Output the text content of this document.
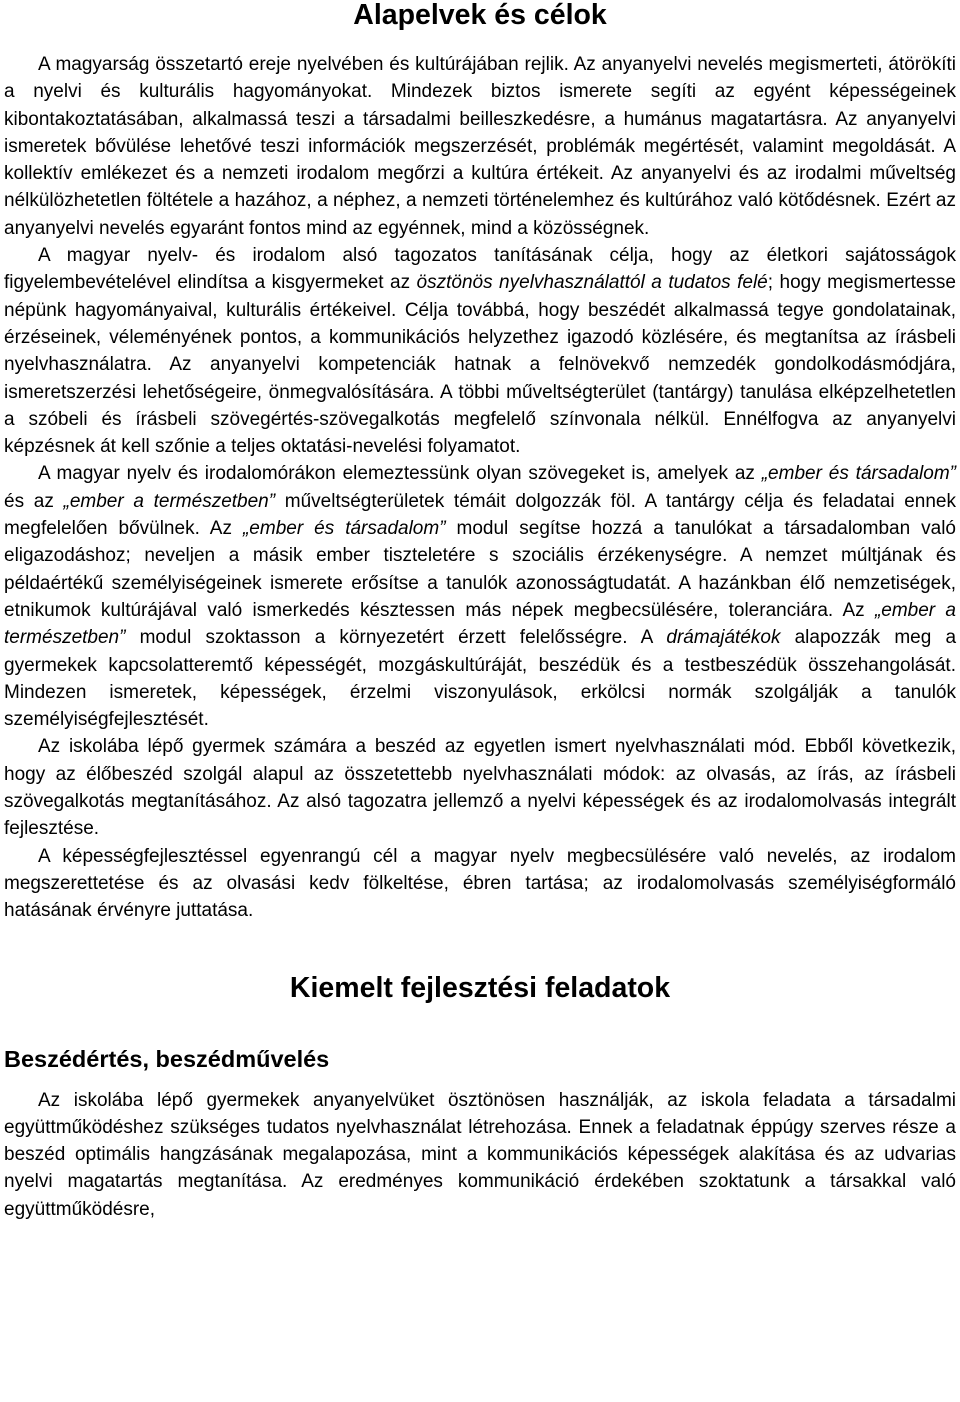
Alapelvek és célok

A magyarság összetartó ereje nyelvében és kultúrájában rejlik. Az anyanyelvi nevelés megismerteti, átörökíti a nyelvi és kulturális hagyományokat. Mindezek biztos ismerete segíti az egyént képességeinek kibontakoztatásában, alkalmassá teszi a társadalmi beilleszkedésre, a humánus magatartásra. Az anyanyelvi ismeretek bővülése lehetővé teszi információk megszerzését, problémák megértését, valamint megoldását. A kollektív emlékezet és a nemzeti irodalom megőrzi a kultúra értékeit. Az anyanyelvi és az irodalmi műveltség nélkülözhetetlen föltétele a hazához, a néphez, a nemzeti történelemhez és kultúrához való kötődésnek. Ezért az anyanyelvi nevelés egyaránt fontos mind az egyénnek, mind a közösségnek.

A magyar nyelv- és irodalom alsó tagozatos tanításának célja, hogy az életkori sajátosságok figyelembevételével elindítsa a kisgyermeket az ösztönös nyelvhasználattól a tudatos felé; hogy megismertesse népünk hagyományaival, kulturális értékeivel. Célja továbbá, hogy beszédét alkalmassá tegye gondolatainak, érzéseinek, véleményének pontos, a kommunikációs helyzethez igazodó közlésére, és megtanítsa az írásbeli nyelvhasználatra. Az anyanyelvi kompetenciák hatnak a felnövekvő nemzedék gondolkodásmódjára, ismeretszerzési lehetőségeire, önmegvalósítására. A többi műveltségterület (tantárgy) tanulása elképzelhetetlen a szóbeli és írásbeli szövegértés-szövegalkotás megfelelő színvonala nélkül. Ennélfogva az anyanyelvi képzésnek át kell szőnie a teljes oktatási-nevelési folyamatot.

A magyar nyelv és irodalomórákon elemeztessünk olyan szövegeket is, amelyek az „ember és társadalom” és az „ember a természetben” műveltségterületek témáit dolgozzák föl. A tantárgy célja és feladatai ennek megfelelően bővülnek. Az „ember és társadalom” modul segítse hozzá a tanulókat a társadalomban való eligazodáshoz; neveljen a másik ember tiszteletére s szociális érzékenységre. A nemzet múltjának és példaértékű személyiségeinek ismerete erősítse a tanulók azonosságtudatát. A hazánkban élő nemzetiségek, etnikumok kultúrájával való ismerkedés késztessen más népek megbecsülésére, toleranciára. Az „ember a természetben” modul szoktasson a környezetért érzett felelősségre. A drámajátékok alapozzák meg a gyermekek kapcsolatteremtő képességét, mozgáskultúráját, beszédük és a testbeszédük összehangolását. Mindezen ismeretek, képességek, érzelmi viszonyulások, erkölcsi normák szolgálják a tanulók személyiségfejlesztését.

Az iskolába lépő gyermek számára a beszéd az egyetlen ismert nyelvhasználati mód. Ebből következik, hogy az élőbeszéd szolgál alapul az összetettebb nyelvhasználati módok: az olvasás, az írás, az írásbeli szövegalkotás megtanításához. Az alsó tagozatra jellemző a nyelvi képességek és az irodalomolvasás integrált fejlesztése.

A képességfejlesztéssel egyenrangú cél a magyar nyelv megbecsülésére való nevelés, az irodalom megszerettetése és az olvasási kedv fölkeltése, ébren tartása; az irodalomolvasás személyiségformáló hatásának érvényre juttatása.

Kiemelt fejlesztési feladatok
Beszédértés, beszédművelés

Az iskolába lépő gyermekek anyanyelvüket ösztönösen használják, az iskola feladata a társadalmi együttműködéshez szükséges tudatos nyelvhasználat létrehozása. Ennek a feladatnak éppúgy szerves része a beszéd optimális hangzásának megalapozása, mint a kommunikációs képességek alakítása és az udvarias nyelvi magatartás megtanítása. Az eredményes kommunikáció érdekében szoktatunk a társakkal való együttműködésre,
